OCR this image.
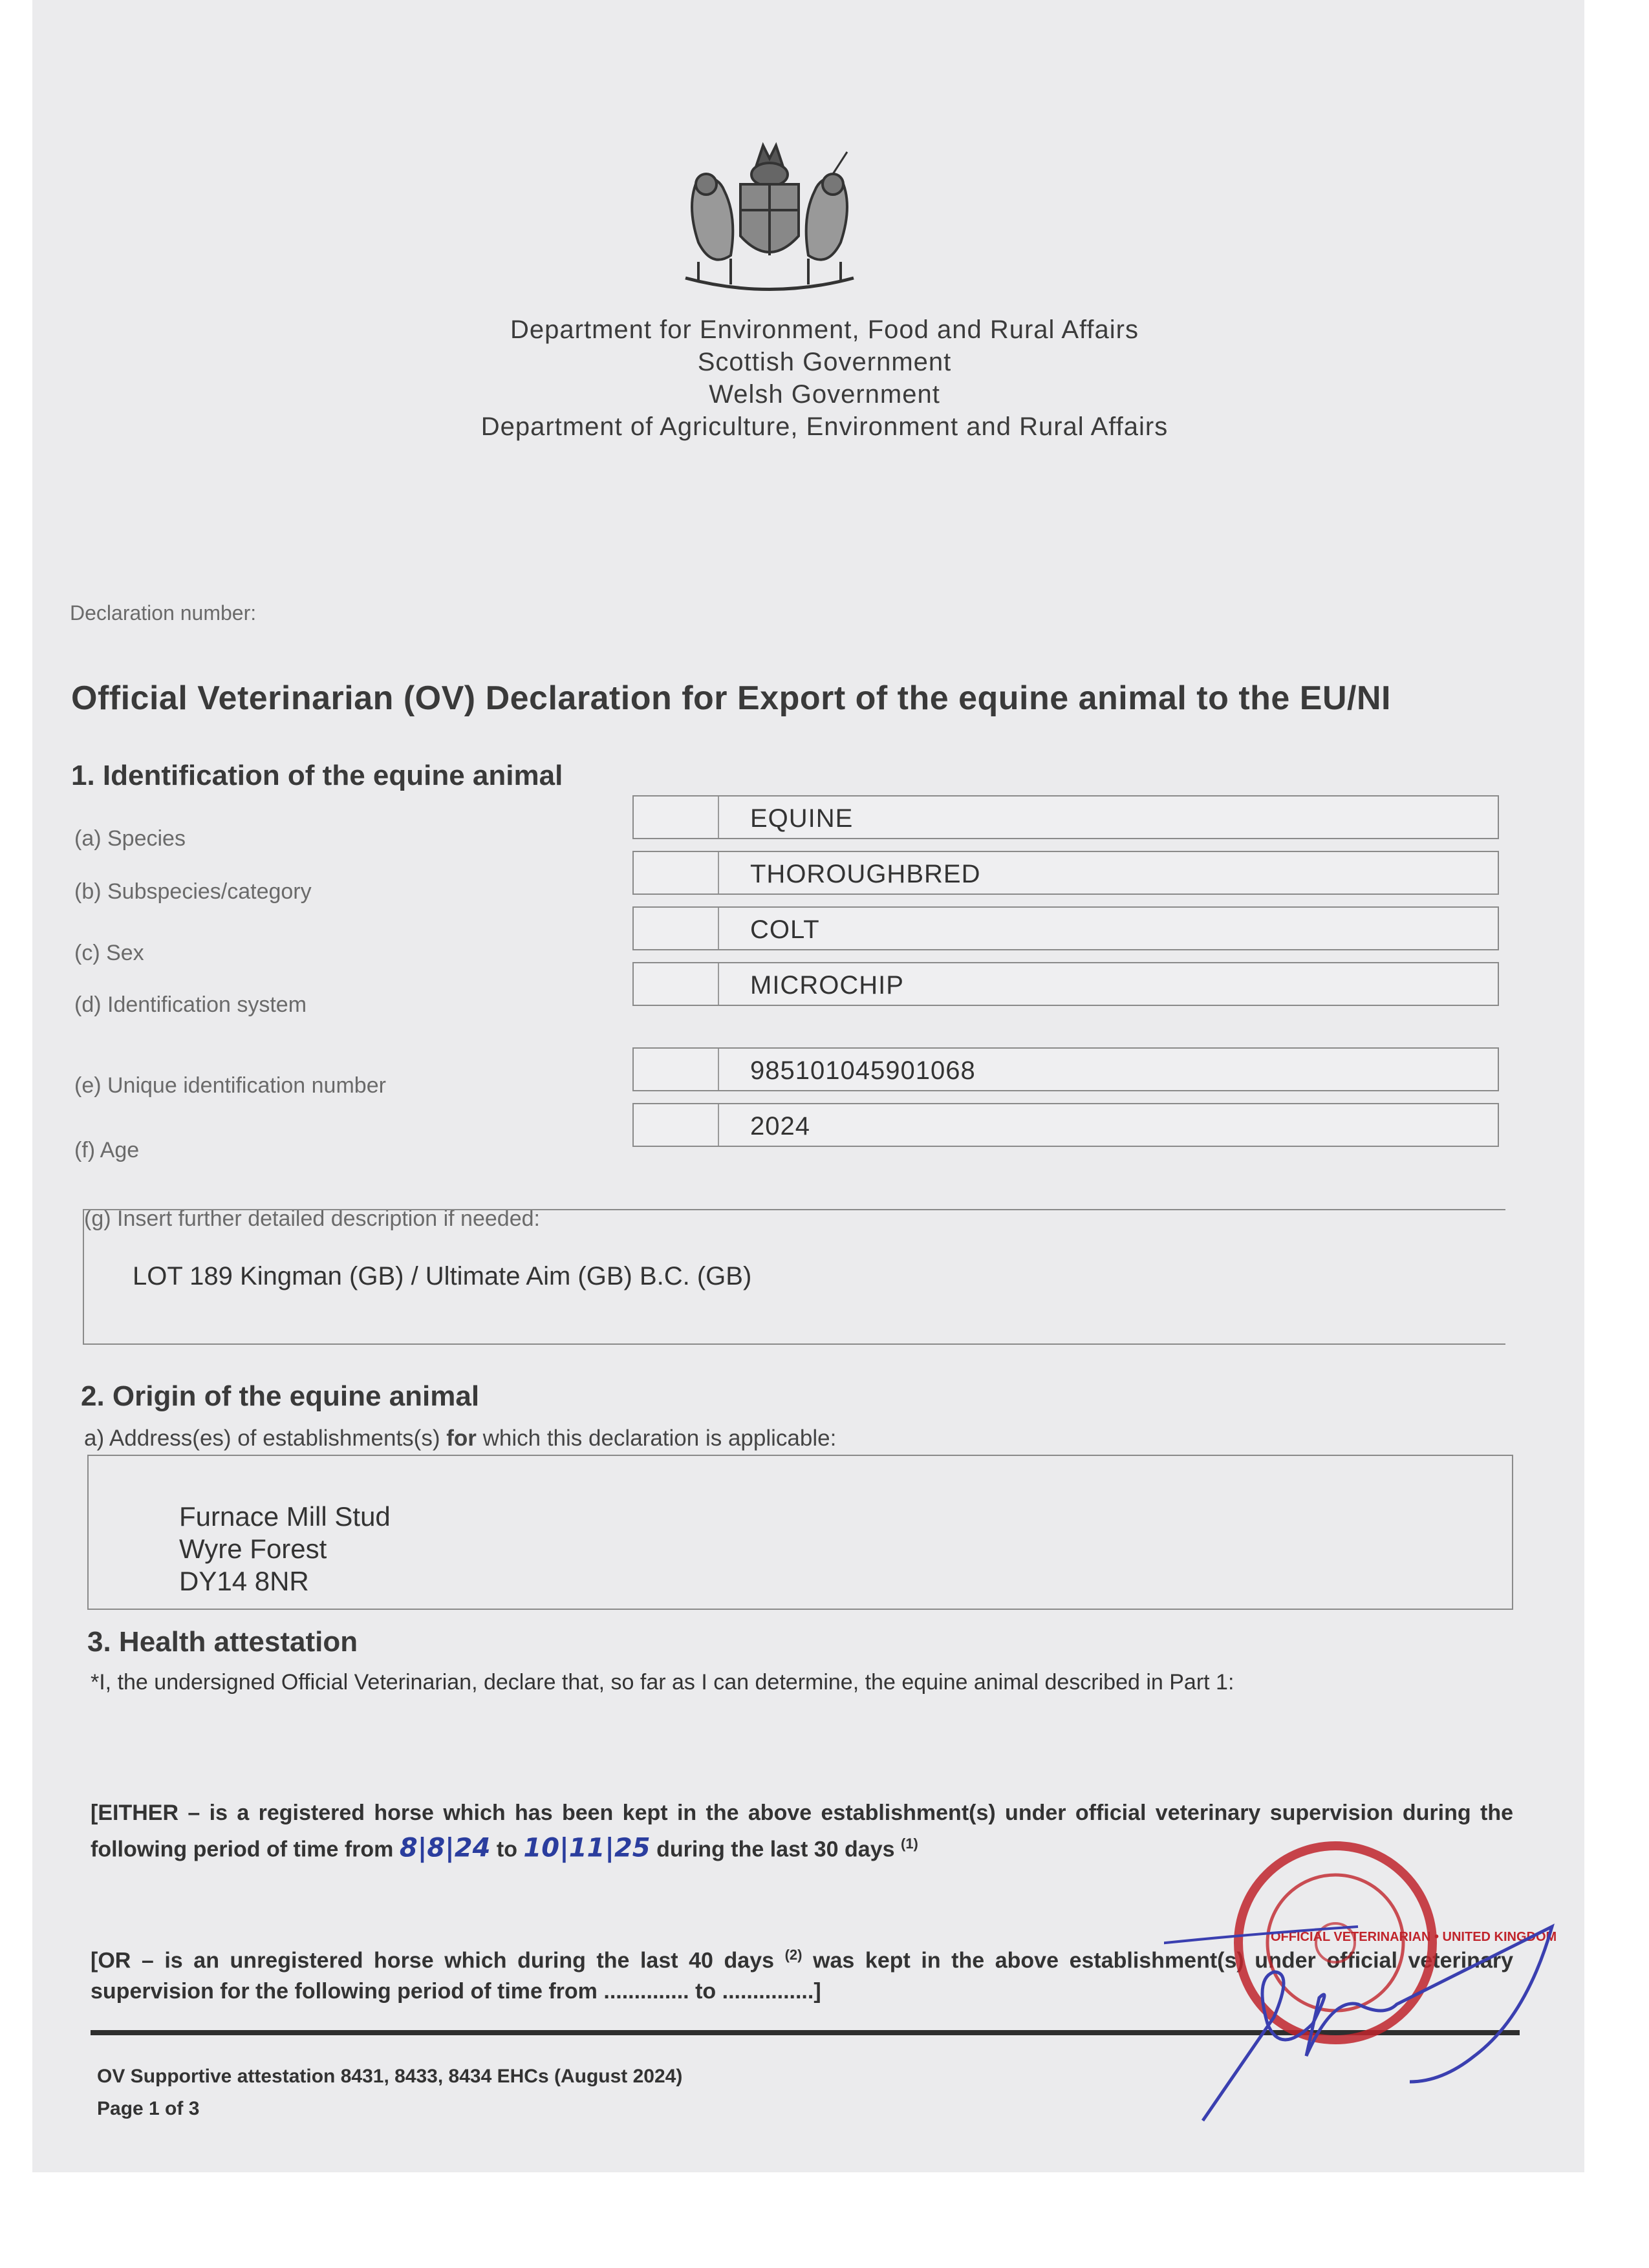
Department for Environment, Food and Rural Affairs
Scottish Government
Welsh Government
Department of Agriculture, Environment and Rural Affairs
Declaration number:
Official Veterinarian (OV) Declaration for Export of the equine animal to the EU/NI
1. Identification of the equine animal
(a) Species
EQUINE
(b) Subspecies/category
THOROUGHBRED
(c) Sex
COLT
(d) Identification system
MICROCHIP
(e) Unique identification number
985101045901068
(f) Age
2024
(g) Insert further detailed description if needed:
LOT 189 Kingman (GB) / Ultimate Aim (GB) B.C. (GB)
2. Origin of the equine animal
a) Address(es) of establishments(s) for which this declaration is applicable:
Furnace Mill Stud
Wyre Forest
DY14 8NR
3. Health attestation
*I, the undersigned Official Veterinarian, declare that, so far as I can determine, the equine animal described in Part 1:
[EITHER – is a registered horse which has been kept in the above establishment(s) under official veterinary supervision during the following period of time from 8|8|24 to 10|11|25 during the last 30 days $^{(1)}$
[OR – is an unregistered horse which during the last 40 days $^{(2)}$ was kept in the above establishment(s) under official veterinary supervision for the following period of time from .............. to ...............]
OV Supportive attestation 8431, 8433, 8434 EHCs (August 2024)
Page 1 of 3
OFFICIAL VETERINARIAN • UNITED KINGDOM
